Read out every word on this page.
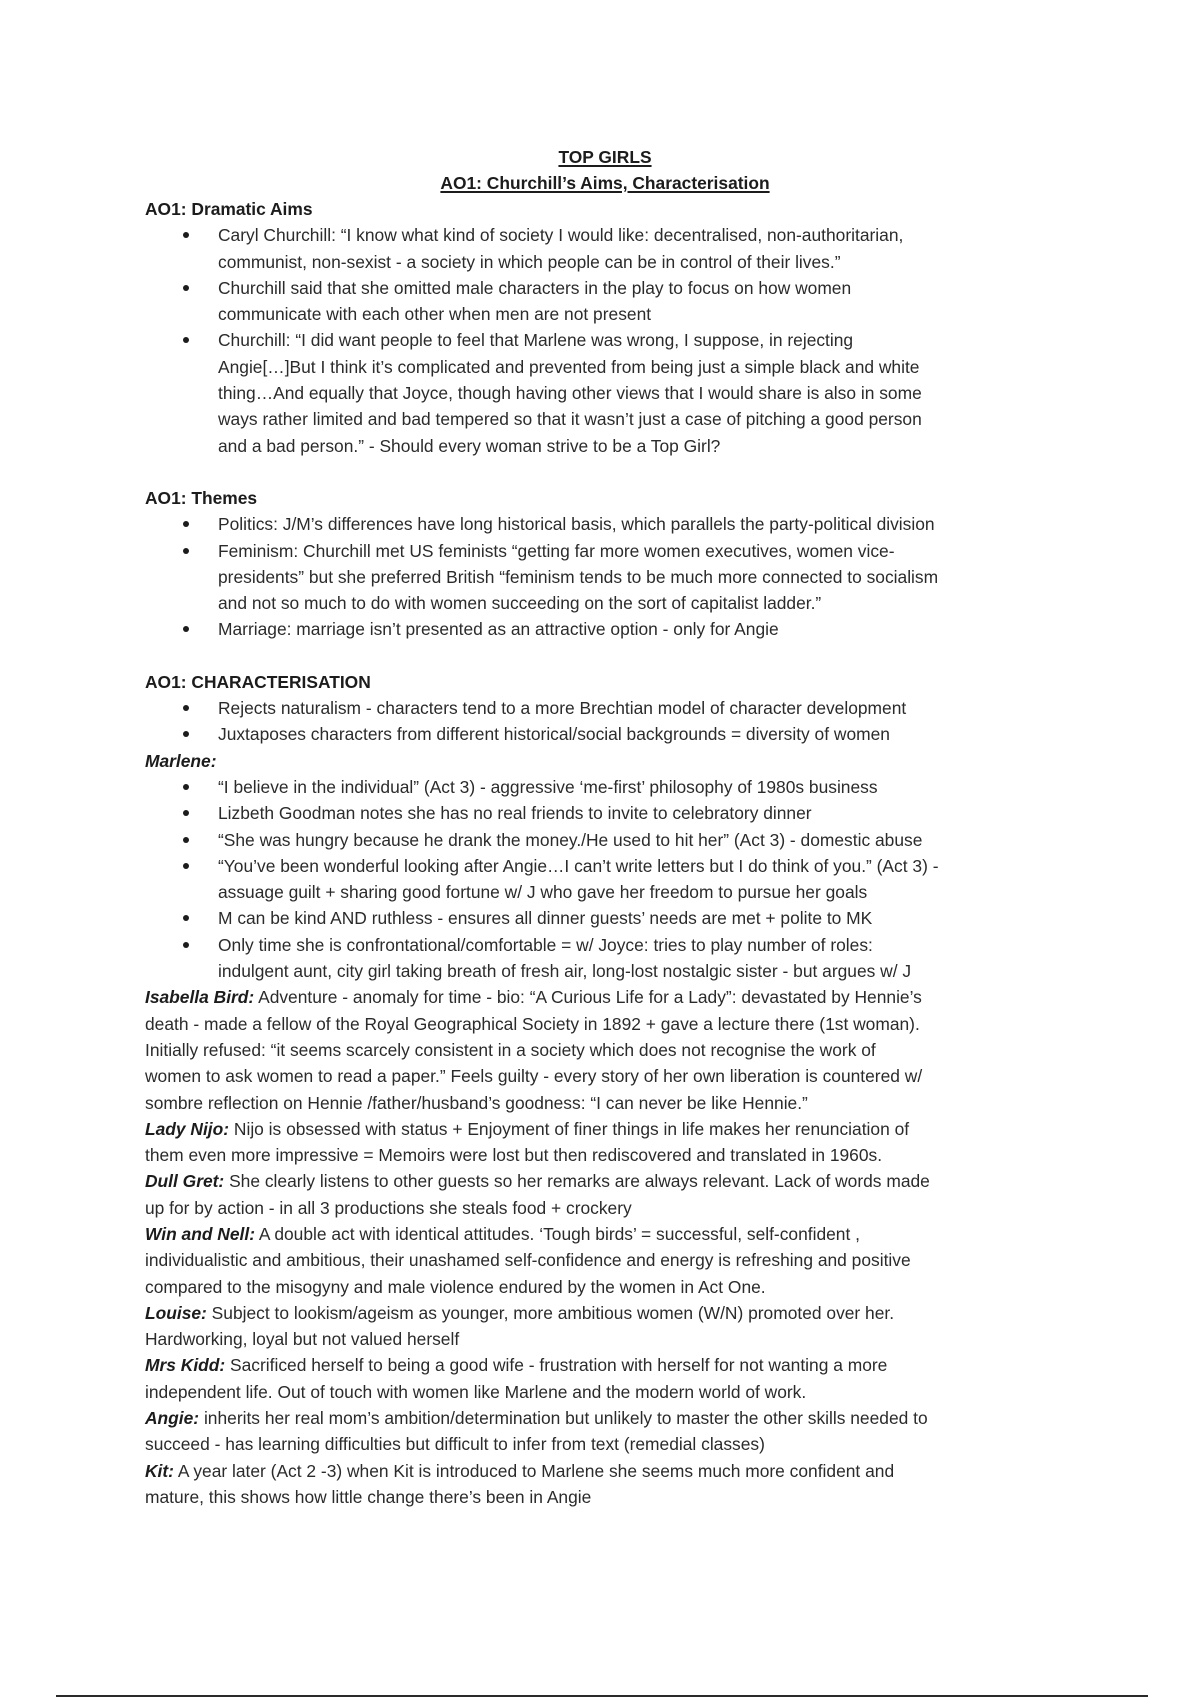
TOP GIRLS
AO1: Churchill’s Aims, Characterisation
AO1: Dramatic Aims
Caryl Churchill: “I know what kind of society I would like: decentralised, non-authoritarian,
communist, non-sexist - a society in which people can be in control of their lives.”
Churchill said that she omitted male characters in the play to focus on how women
communicate with each other when men are not present
Churchill: “I did want people to feel that Marlene was wrong, I suppose, in rejecting
Angie[…]But I think it’s complicated and prevented from being just a simple black and white
thing…And equally that Joyce, though having other views that I would share is also in some
ways rather limited and bad tempered so that it wasn’t just a case of pitching a good person
and a bad person.” - Should every woman strive to be a Top Girl?
AO1: Themes
Politics: J/M’s differences have long historical basis, which parallels the party-political division
Feminism: Churchill met US feminists “getting far more women executives, women vice-
presidents” but she preferred British “feminism tends to be much more connected to socialism
and not so much to do with women succeeding on the sort of capitalist ladder.”
Marriage: marriage isn’t presented as an attractive option - only for Angie
AO1: CHARACTERISATION
Rejects naturalism - characters tend to a more Brechtian model of character development
Juxtaposes characters from different historical/social backgrounds = diversity of women
Marlene:
“I believe in the individual” (Act 3) - aggressive ‘me-first’ philosophy of 1980s business
Lizbeth Goodman notes she has no real friends to invite to celebratory dinner
“She was hungry because he drank the money./He used to hit her” (Act 3) - domestic abuse
“You’ve been wonderful looking after Angie…I can’t write letters but I do think of you.” (Act 3) -
assuage guilt + sharing good fortune w/ J who gave her freedom to pursue her goals
M can be kind AND ruthless - ensures all dinner guests’ needs are met + polite to MK
Only time she is confrontational/comfortable = w/ Joyce: tries to play number of roles:
indulgent aunt, city girl taking breath of fresh air, long-lost nostalgic sister - but argues w/ J
Isabella Bird: Adventure - anomaly for time - bio: “A Curious Life for a Lady”: devastated by Hennie’s
death - made a fellow of the Royal Geographical Society in 1892 + gave a lecture there (1st woman).
Initially refused: “it seems scarcely consistent in a society which does not recognise the work of
women to ask women to read a paper.” Feels guilty - every story of her own liberation is countered w/
sombre reflection on Hennie /father/husband’s goodness: “I can never be like Hennie.”
Lady Nijo: Nijo is obsessed with status + Enjoyment of finer things in life makes her renunciation of
them even more impressive = Memoirs were lost but then rediscovered and translated in 1960s.
Dull Gret: She clearly listens to other guests so her remarks are always relevant. Lack of words made
up for by action - in all 3 productions she steals food + crockery
Win and Nell: A double act with identical attitudes. ‘Tough birds’ = successful, self-confident ,
individualistic and ambitious, their unashamed self-confidence and energy is refreshing and positive
compared to the misogyny and male violence endured by the women in Act One.
Louise: Subject to lookism/ageism as younger, more ambitious women (W/N) promoted over her.
Hardworking, loyal but not valued herself
Mrs Kidd: Sacrificed herself to being a good wife - frustration with herself for not wanting a more
independent life. Out of touch with women like Marlene and the modern world of work.
Angie: inherits her real mom’s ambition/determination but unlikely to master the other skills needed to
succeed - has learning difficulties but difficult to infer from text (remedial classes)
Kit: A year later (Act 2 -3) when Kit is introduced to Marlene she seems much more confident and
mature, this shows how little change there’s been in Angie
